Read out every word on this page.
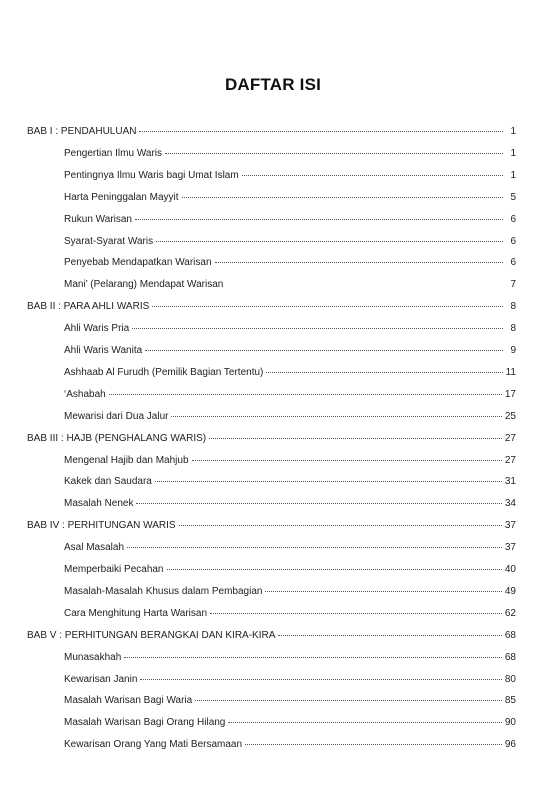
DAFTAR ISI
BAB I : PENDAHULUAN	1
Pengertian Ilmu Waris	1
Pentingnya Ilmu Waris bagi Umat Islam	1
Harta Peninggalan Mayyit	5
Rukun Warisan	6
Syarat-Syarat Waris	6
Penyebab Mendapatkan Warisan	6
Mani’ (Pelarang) Mendapat Warisan	7
BAB II : PARA AHLI WARIS	8
Ahli Waris Pria	8
Ahli Waris Wanita	9
Ashhaab Al Furudh (Pemilik Bagian Tertentu)	11
‘Ashabah	17
Mewarisi dari Dua Jalur	25
BAB III : HAJB (PENGHALANG WARIS)	27
Mengenal Hajib dan Mahjub	27
Kakek dan Saudara	31
Masalah Nenek	34
BAB IV : PERHITUNGAN WARIS	37
Asal Masalah	37
Memperbaiki Pecahan	40
Masalah-Masalah Khusus dalam Pembagian	49
Cara Menghitung Harta Warisan	62
BAB V : PERHITUNGAN BERANGKAI DAN KIRA-KIRA	68
Munasakhah	68
Kewarisan Janin	80
Masalah Warisan Bagi Waria	85
Masalah Warisan Bagi Orang Hilang	90
Kewarisan Orang Yang Mati Bersamaan	96
